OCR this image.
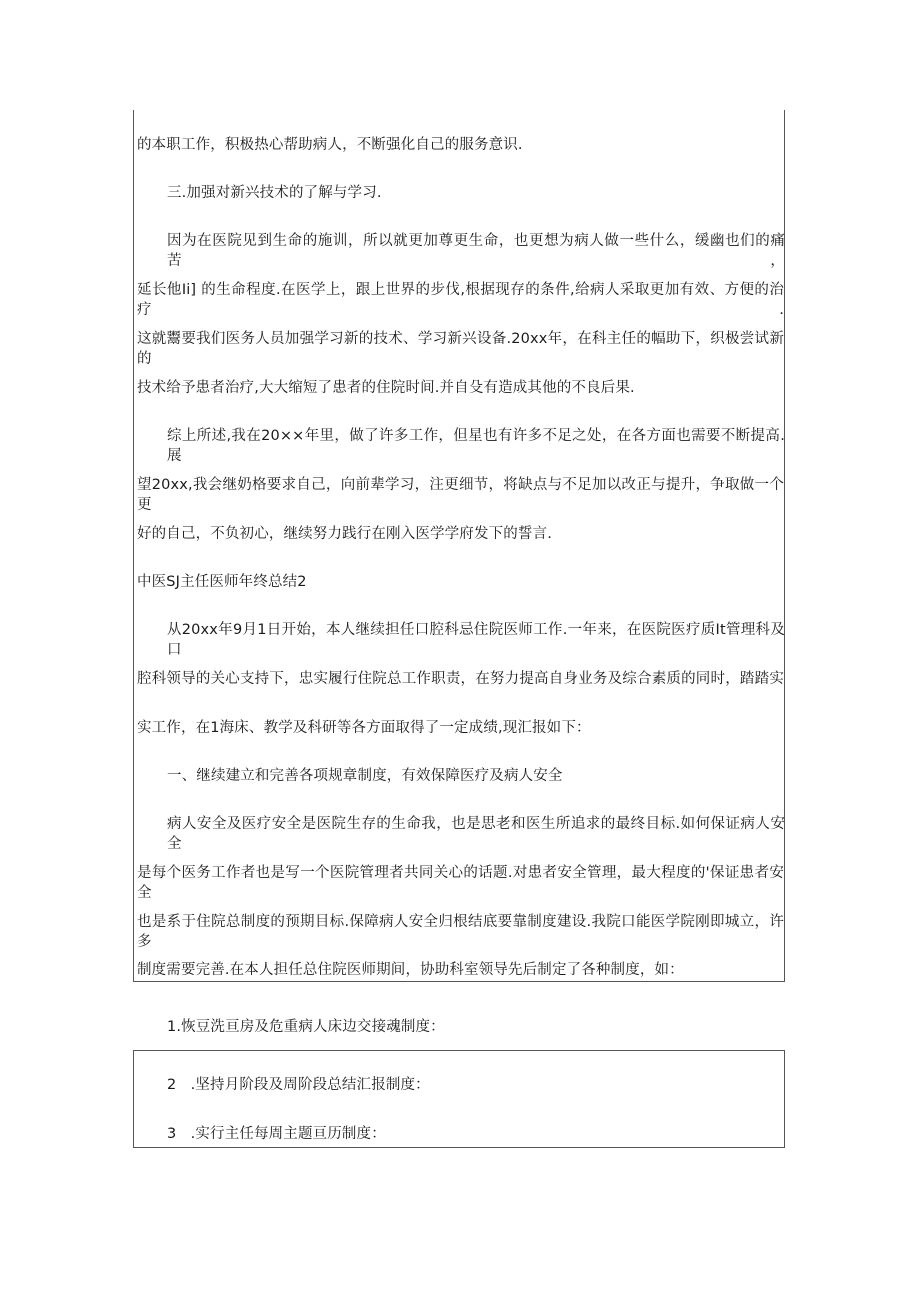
的本职工作，积极热心帮助病人，不断强化自己的服务意识.
三.加强对新兴技术的了解与学习.
因为在医院见到生命的施训，所以就更加尊更生命，也更想为病人做一些什么，缓幽也们的痛苦，
延长他Ii] 的生命程度.在医学上，跟上世界的步伐,根据现存的条件,给病人采取更加有效、方便的治疗.
这就鬻要我们医务人员加强学习新的技术、学习新兴设备.20xx年，在科主任的幅助下，织极尝试新的
技术给予患者治疗,大大缩短了患者的住院时间.并自殳有造成其他的不良后果.
综上所述,我在20××年里，做了许多工作，但星也有许多不足之处，在各方面也需要不断提高.展
望20xx,我会继奶格要求自己，向前辈学习，注更细节，将缺点与不足加以改正与提升，争取做一个更
好的自己，不负初心，继续努力践行在刚入医学学府发下的誓言.
中医SJ主任医师年终总结2
从20xx年9月1日开始，本人继续担任口腔科忌住院医师工作.一年来，在医院医疗质It管理科及口
腔科领导的关心支持下，忠实履行住院总工作职责，在努力提高自身业务及综合素质的同时，踏踏实
实工作，在1海床、教学及科研等各方面取得了一定成绩,现汇报如下：
一、继续建立和完善各项规章制度，有效保障医疗及病人安全
病人安全及医疗安全是医院生存的生命我，也是思老和医生所追求的最终目标.如何保证病人安全
是每个医务工作者也是写一个医院管理者共同关心的话题.对患者安全管理，最大程度的'保证患者安全
也是系于住院总制度的预期目标.保障病人安全归根结底要靠制度建设.我院口能医学院刚即城立，许多
制度需要完善.在本人担任总住院医师期间，协助科室领导先后制定了各种制度，如：
1.恢豆洗亘房及危重病人床边交接魂制度：
2   .坚持月阶段及周阶段总结汇报制度：
3   .实行主任每周主题亘历制度：
